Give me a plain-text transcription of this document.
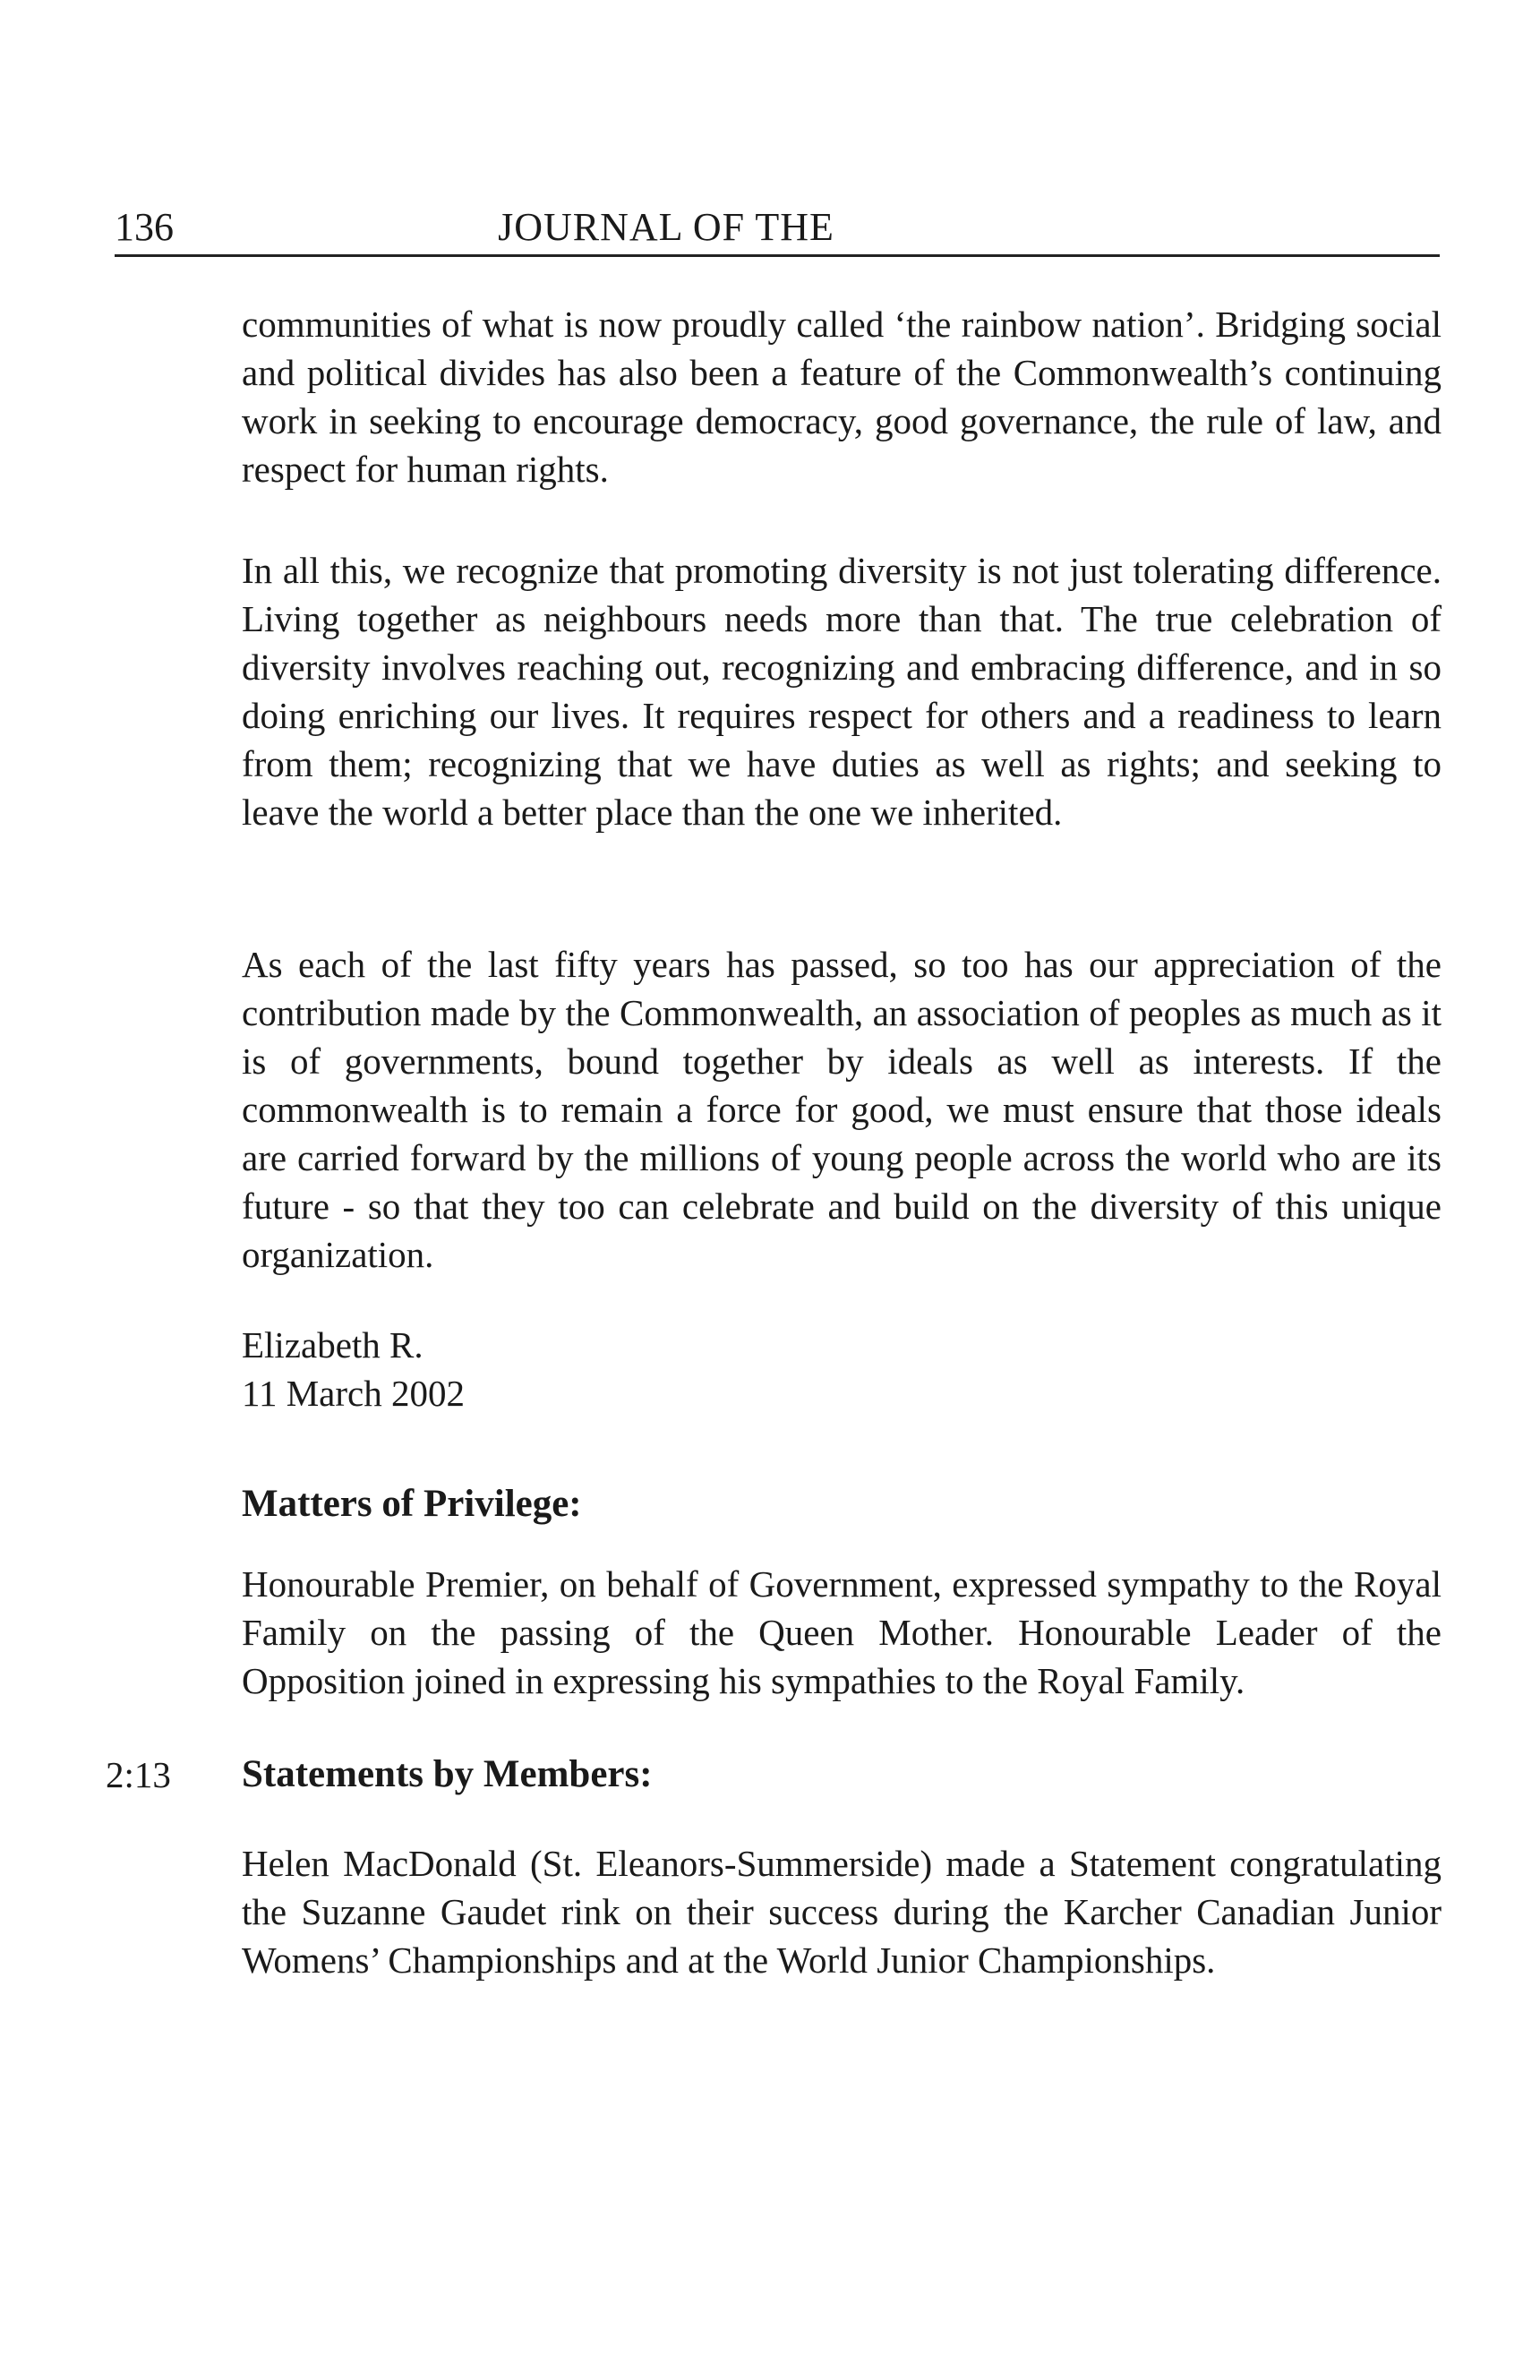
136	JOURNAL OF THE

communities of what is now proudly called ‘the rainbow nation’. Bridging social and political divides has also been a feature of the Commonwealth’s continuing work in seeking to encourage democracy, good governance, the rule of law, and respect for human rights.

In all this, we recognize that promoting diversity is not just tolerating difference. Living together as neighbours needs more than that. The true celebration of diversity involves reaching out, recognizing and embracing difference, and in so doing enriching our lives. It requires respect for others and a readiness to learn from them; recognizing that we have duties as well as rights; and seeking to leave the world a better place than the one we inherited.

As each of the last fifty years has passed, so too has our appreciation of the contribution made by the Commonwealth, an association of peoples as much as it is of governments, bound together by ideals as well as interests. If the commonwealth is to remain a force for good, we must ensure that those ideals are carried forward by the millions of young people across the world who are its future - so that they too can celebrate and build on the diversity of this unique organization.

Elizabeth R.
11 March 2002
Matters of Privilege:

Honourable Premier, on behalf of Government, expressed sympathy to the Royal Family on the passing of the Queen Mother. Honourable Leader of the Opposition joined in expressing his sympathies to the Royal Family.

2:13 Statements by Members:

Helen MacDonald (St. Eleanors-Summerside) made a Statement congratulating the Suzanne Gaudet rink on their success during the Karcher Canadian Junior Womens’ Championships and at the World Junior Championships.
